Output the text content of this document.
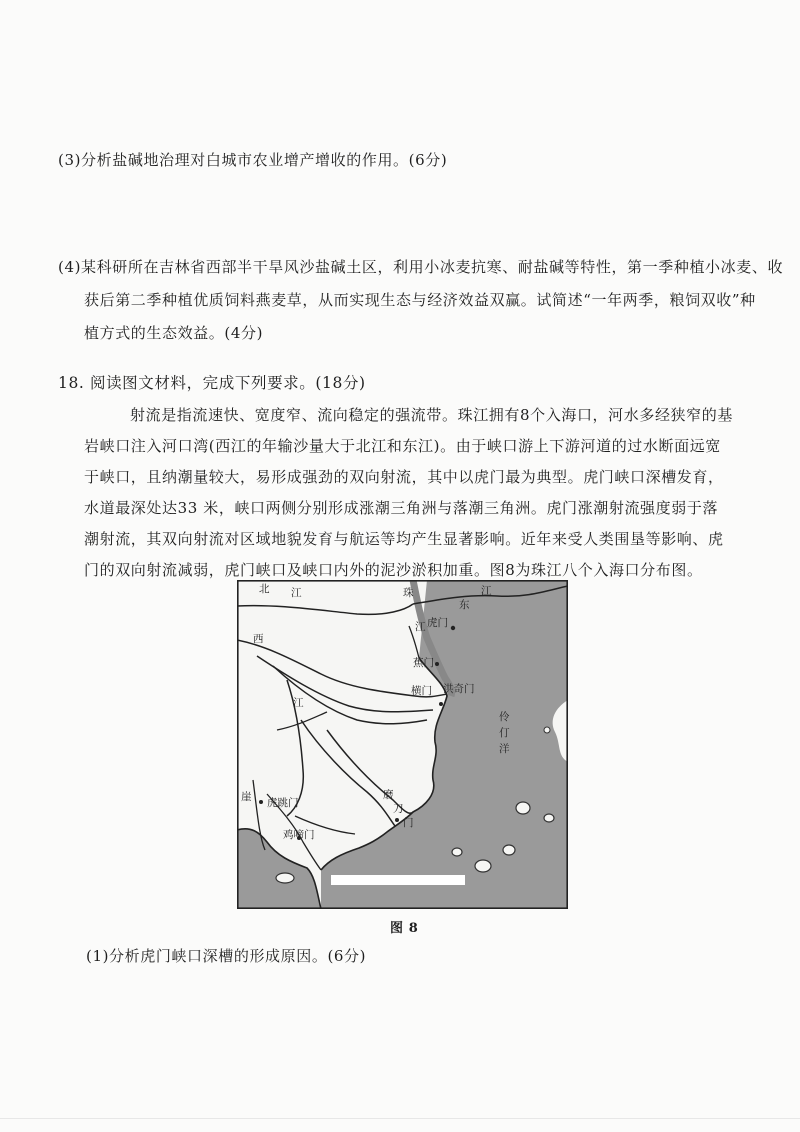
(3)分析盐碱地治理对白城市农业增产增收的作用。(6分)
(4)某科研所在吉林省西部半干旱风沙盐碱土区，利用小冰麦抗寒、耐盐碱等特性，第一季种植小冰麦、收
获后第二季种植优质饲料燕麦草，从而实现生态与经济效益双赢。试简述“一年两季，粮饲双收”种
植方式的生态效益。(4分)
18. 阅读图文材料，完成下列要求。(18分)
射流是指流速快、宽度窄、流向稳定的强流带。珠江拥有8个入海口，河水多经狭窄的基
岩峡口注入河口湾(西江的年输沙量大于北江和东江)。由于峡口游上下游河道的过水断面远宽
于峡口，且纳潮量较大，易形成强劲的双向射流，其中以虎门最为典型。虎门峡口深槽发育，
水道最深处达33 米，峡口两侧分别形成涨潮三角洲与落潮三角洲。虎门涨潮射流强度弱于落
潮射流，其双向射流对区域地貌发育与航运等均产生显著影响。近年来受人类围垦等影响、虎
门的双向射流减弱，虎门峡口及峡口内外的泥沙淤积加重。图8为珠江八个入海口分布图。
北 江	珠
东
江
西
江 虎门
蕉门
洪奇门
横门
江
伶
仃
洋
磨
刀
门
崖 虎跳门
鸡啼门
图 8
(1)分析虎门峡口深槽的形成原因。(6分)
